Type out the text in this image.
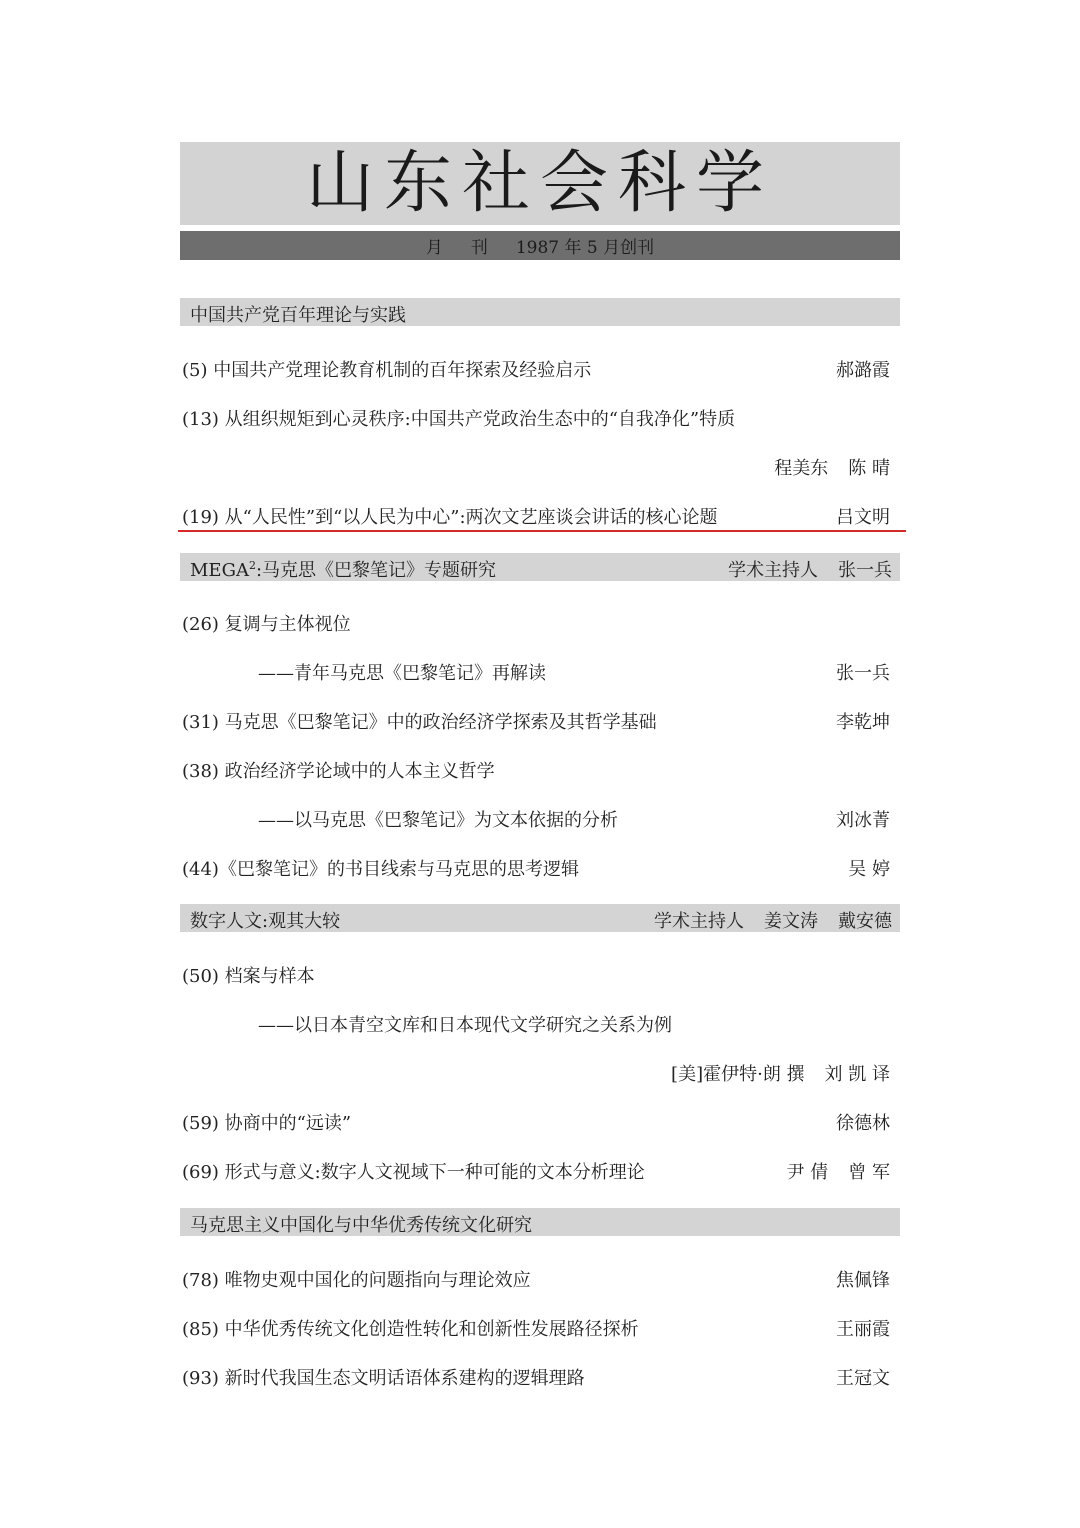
山东社会科学
月 刊 1987 年 5 月创刊
中国共产党百年理论与实践
(5) 中国共产党理论教育机制的百年探索及经验启示	郝潞霞
(13) 从组织规矩到心灵秩序:中国共产党政治生态中的“自我净化”特质
程美东 陈 晴
(19) 从“人民性”到“以人民为中心”:两次文艺座谈会讲话的核心论题	吕文明
MEGA$^2$:马克思《巴黎笔记》专题研究	学术主持人 张一兵
(26) 复调与主体视位
——青年马克思《巴黎笔记》再解读	张一兵
(31) 马克思《巴黎笔记》中的政治经济学探索及其哲学基础	李乾坤
(38) 政治经济学论域中的人本主义哲学
——以马克思《巴黎笔记》为文本依据的分析	刘冰菁
(44)《巴黎笔记》的书目线索与马克思的思考逻辑	吴 婷
数字人文:观其大较	学术主持人 姜文涛 戴安德
(50) 档案与样本
——以日本青空文库和日本现代文学研究之关系为例
[美]霍伊特·朗 撰 刘 凯 译
(59) 协商中的“远读”	徐德林
(69) 形式与意义:数字人文视域下一种可能的文本分析理论	尹 倩 曾 军
马克思主义中国化与中华优秀传统文化研究
(78) 唯物史观中国化的问题指向与理论效应	焦佩锋
(85) 中华优秀传统文化创造性转化和创新性发展路径探析	王丽霞
(93) 新时代我国生态文明话语体系建构的逻辑理路	王冠文
